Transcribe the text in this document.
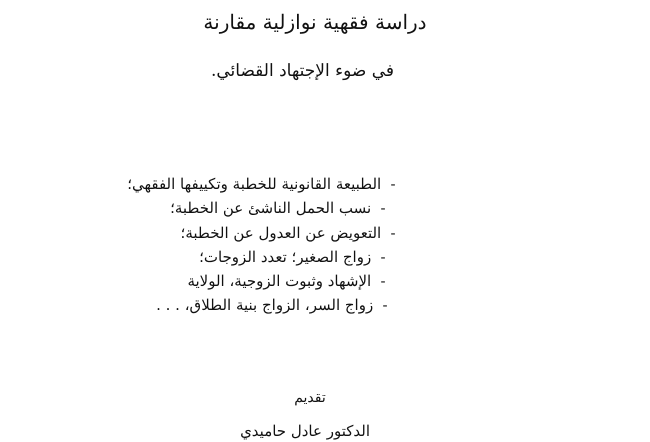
دراسة فقهية نوازلية مقارنة
في ضوء الإجتهاد القضائي.
- الطبيعة القانونية للخطبة وتكييفها الفقهي؛
- نسب الحمل الناشئ عن الخطبة؛
- التعويض عن العدول عن الخطبة؛
- زواج الصغير؛ تعدد الزوجات؛
- الإشهاد وثبوت الزوجية، الولاية
- زواج السر، الزواج بنية الطلاق، . . .
تقديم
الدكتور عادل حاميدي
